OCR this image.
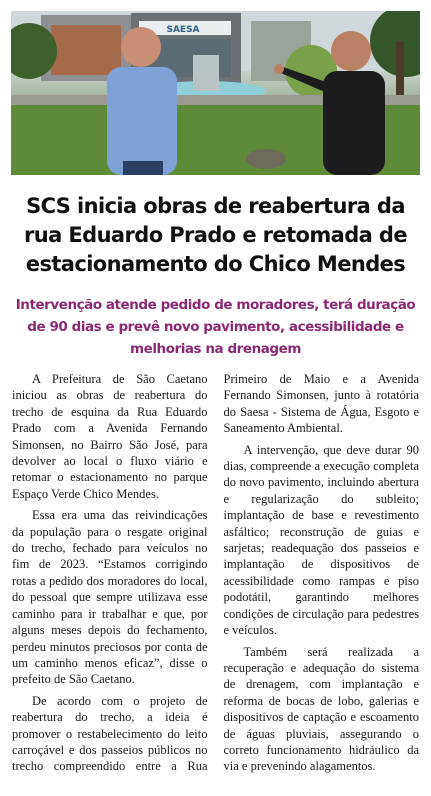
SAESA
SCS inicia obras de reabertura da rua Eduardo Prado e retomada de estacionamento do Chico Mendes
Intervenção atende pedido de moradores, terá duração de 90 dias e prevê novo pavimento, acessibilidade e melhorias na drenagem

A Prefeitura de São Caetano iniciou as obras de reabertura do trecho de esquina da Rua Eduardo Prado com a Avenida Fernando Simonsen, no Bairro São José, para devolver ao local o fluxo viário e retomar o estacionamento no parque Espaço Verde Chico Mendes.

Essa era uma das reivindicações da população para o resgate original do trecho, fechado para veículos no fim de 2023. “Estamos corrigindo rotas a pedido dos moradores do local, do pessoal que sempre utilizava esse caminho para ir trabalhar e que, por alguns meses depois do fechamento, perdeu minutos preciosos por conta de um caminho menos eficaz”, disse o prefeito de São Caetano.

De acordo com o projeto de reabertura do trecho, a ideia é promover o restabelecimento do leito carroçável e dos passeios públicos no trecho compreendido entre a Rua Primeiro de Maio e a Avenida Fernando Simonsen, junto à rotatória do Saesa - Sistema de Água, Esgoto e Saneamento Ambiental.

A intervenção, que deve durar 90 dias, compreende a execução completa do novo pavimento, incluindo abertura e regularização do subleito; implantação de base e revestimento asfáltico; reconstrução de guias e sarjetas; readequação dos passeios e implantação de dispositivos de acessibilidade como rampas e piso podotátil, garantindo melhores condições de circulação para pedestres e veículos.

Também será realizada a recuperação e adequação do sistema de drenagem, com implantação e reforma de bocas de lobo, galerias e dispositivos de captação e escoamento de águas pluviais, assegurando o correto funcionamento hidráulico da via e prevenindo alagamentos.
